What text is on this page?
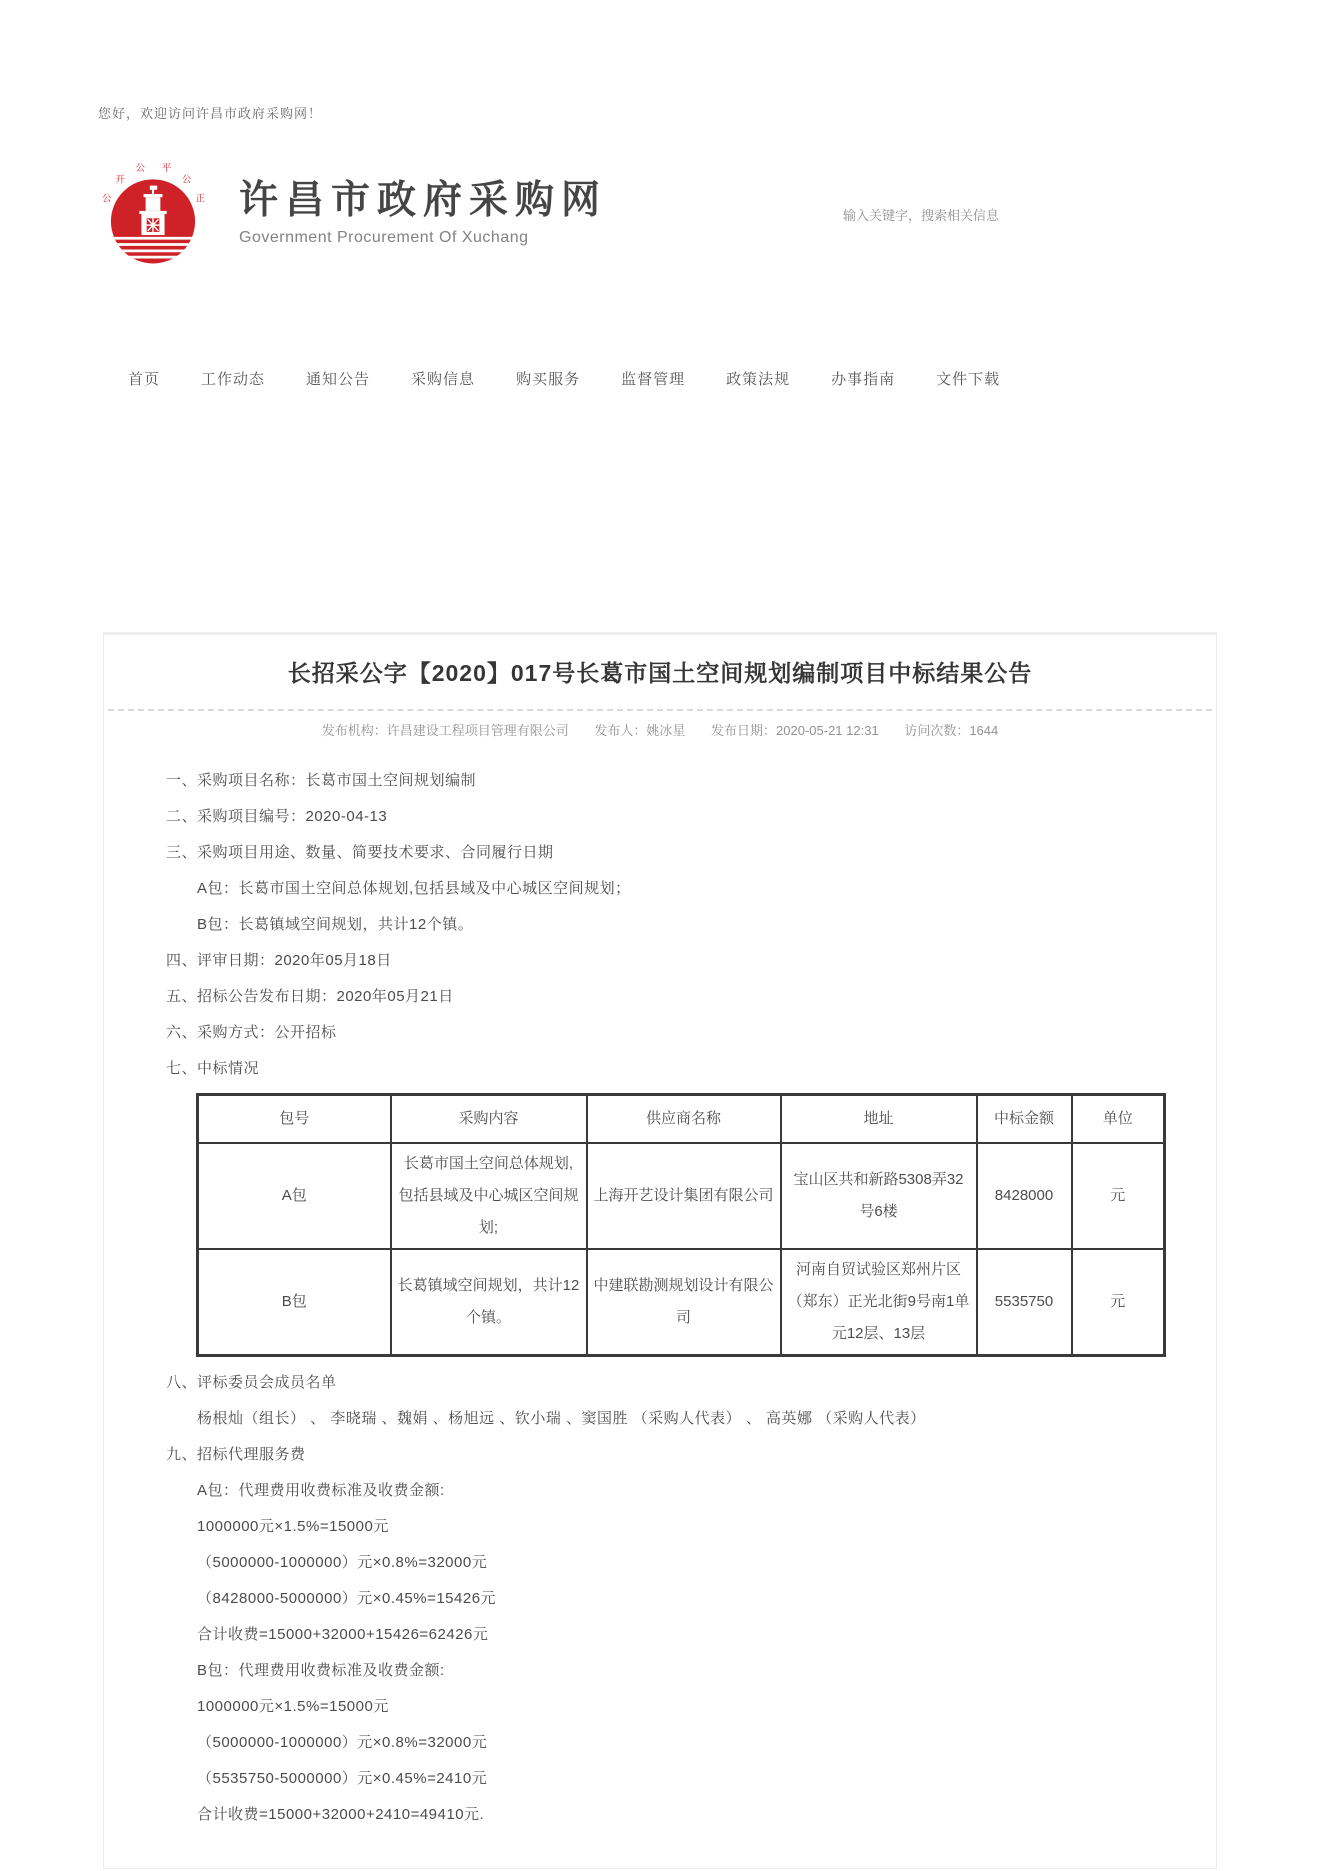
您好，欢迎访问许昌市政府采购网！
公
开
公 平
公
正 许昌市政府采购网
Government Procurement Of Xuchang
输入关键字，搜索相关信息
首页	工作动态	通知公告	采购信息	购买服务	监督管理	政策法规	办事指南	文件下载
长招采公字【2020】017号长葛市国土空间规划编制项目中标结果公告
发布机构：许昌建设工程项目管理有限公司 发布人：姚冰星 发布日期：2020-05-21 12:31 访问次数：1644
一、采购项目名称：长葛市国土空间规划编制
二、采购项目编号：2020-04-13
三、采购项目用途、数量、简要技术要求、合同履行日期
A包：长葛市国土空间总体规划,包括县域及中心城区空间规划；
B包：长葛镇域空间规划，共计12个镇。
四、评审日期：2020年05月18日
五、招标公告发布日期：2020年05月21日
六、采购方式：公开招标
七、中标情况
包号	采购内容	供应商名称	地址	中标金额	单位
A包	长葛市国土空间总体规划,包括县域及中心城区空间规划;	上海开艺设计集团有限公司	宝山区共和新路5308弄32号6楼	8428000	元
B包	长葛镇域空间规划，共计12个镇。	中建联勘测规划设计有限公司	河南自贸试验区郑州片区（郑东）正光北街9号南1单元12层、13层	5535750	元
八、评标委员会成员名单
杨根灿（组长） 、 李晓瑞 、魏娟 、杨旭远 、钦小瑞 、窦国胜 （采购人代表） 、 高英娜 （采购人代表）
九、招标代理服务费
A包：代理费用收费标准及收费金额:
1000000元×1.5%=15000元
（5000000-1000000）元×0.8%=32000元
（8428000-5000000）元×0.45%=15426元
合计收费=15000+32000+15426=62426元
B包：代理费用收费标准及收费金额:
1000000元×1.5%=15000元
（5000000-1000000）元×0.8%=32000元
（5535750-5000000）元×0.45%=2410元
合计收费=15000+32000+2410=49410元.
